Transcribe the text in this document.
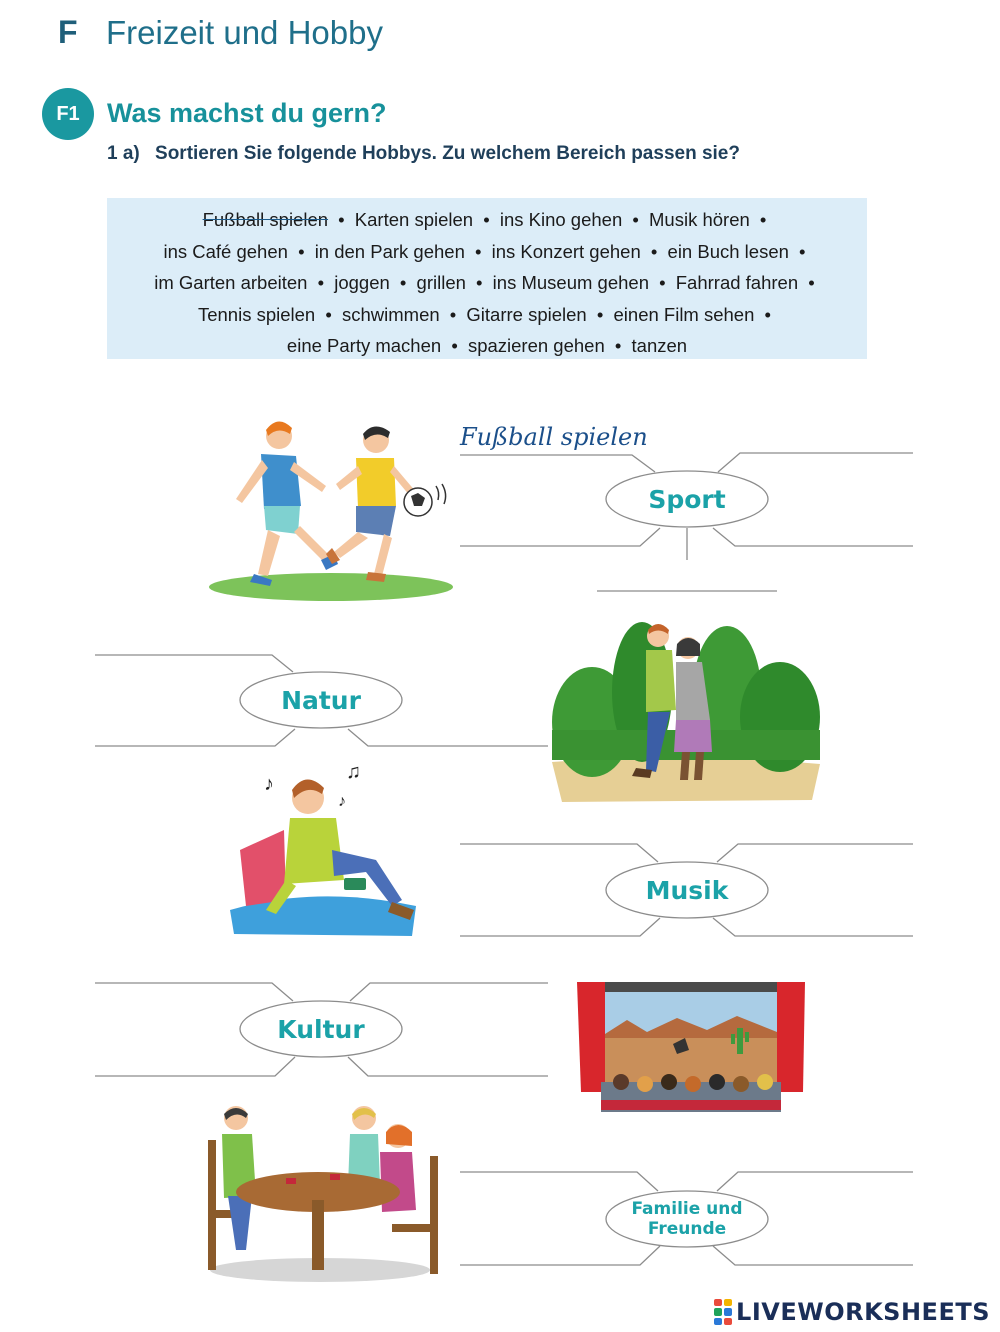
F Freizeit und Hobby
F1	Was machst du gern?
1 a) Sortieren Sie folgende Hobbys. Zu welchem Bereich passen sie?
Fußball spielen • Karten spielen • ins Kino gehen • Musik hören •
ins Café gehen • in den Park gehen • ins Konzert gehen • ein Buch lesen •
im Garten arbeiten • joggen • grillen • ins Museum gehen • Fahrrad fahren •
Tennis spielen • schwimmen • Gitarre spielen • einen Film sehen •
eine Party machen • spazieren gehen • tanzen
Fußball spielen
Sport
Natur
Musik
Kultur
Familie und
Freunde
♪
♫
♪
LIVEWORKSHEETS
